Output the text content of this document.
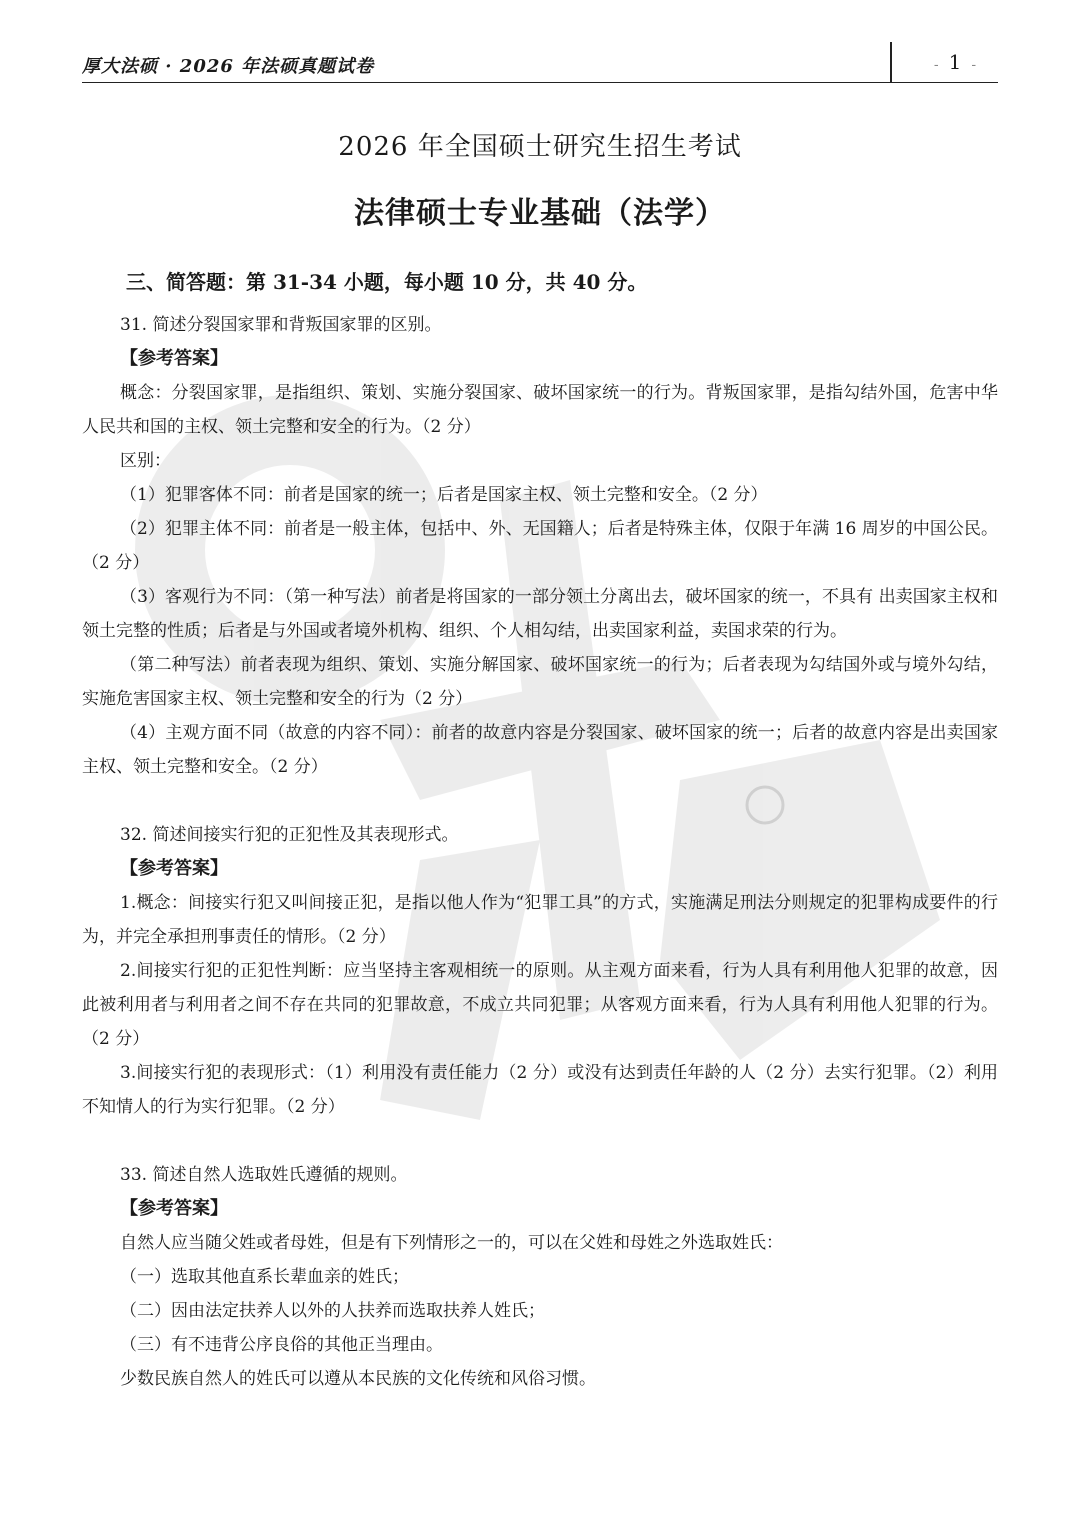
厚大法硕 · 2026 年法硕真题试卷	- 1 -
2026 年全国硕士研究生招生考试
法律硕士专业基础（法学）
三、简答题：第 31-34 小题，每小题 10 分，共 40 分。

31. 简述分裂国家罪和背叛国家罪的区别。

【参考答案】

概念：分裂国家罪，是指组织、策划、实施分裂国家、破坏国家统一的行为。背叛国家罪，是指勾结外国，危害中华人民共和国的主权、领土完整和安全的行为。（2 分）

区别：

（1）犯罪客体不同：前者是国家的统一；后者是国家主权、领土完整和安全。（2 分）

（2）犯罪主体不同：前者是一般主体，包括中、外、无国籍人；后者是特殊主体，仅限于年满 16 周岁的中国公民。（2 分）

（3）客观行为不同：（第一种写法）前者是将国家的一部分领土分离出去，破坏国家的统一，不具有 出卖国家主权和领土完整的性质；后者是与外国或者境外机构、组织、个人相勾结，出卖国家利益，卖国求荣的行为。

（第二种写法）前者表现为组织、策划、实施分解国家、破坏国家统一的行为；后者表现为勾结国外或与境外勾结，实施危害国家主权、领土完整和安全的行为（2 分）

（4）主观方面不同（故意的内容不同）：前者的故意内容是分裂国家、破坏国家的统一；后者的故意内容是出卖国家主权、领土完整和安全。（2 分）

32. 简述间接实行犯的正犯性及其表现形式。

【参考答案】

1.概念：间接实行犯又叫间接正犯，是指以他人作为“犯罪工具”的方式，实施满足刑法分则规定的犯罪构成要件的行为，并完全承担刑事责任的情形。（2 分）

2.间接实行犯的正犯性判断：应当坚持主客观相统一的原则。从主观方面来看，行为人具有利用他人犯罪的故意，因此被利用者与利用者之间不存在共同的犯罪故意，不成立共同犯罪；从客观方面来看，行为人具有利用他人犯罪的行为。（2 分）

3.间接实行犯的表现形式：（1）利用没有责任能力（2 分）或没有达到责任年龄的人（2 分）去实行犯罪。（2）利用不知情人的行为实行犯罪。（2 分）

33. 简述自然人选取姓氏遵循的规则。

【参考答案】

自然人应当随父姓或者母姓，但是有下列情形之一的，可以在父姓和母姓之外选取姓氏：

（一）选取其他直系长辈血亲的姓氏；

（二）因由法定扶养人以外的人扶养而选取扶养人姓氏；

（三）有不违背公序良俗的其他正当理由。

少数民族自然人的姓氏可以遵从本民族的文化传统和风俗习惯。
